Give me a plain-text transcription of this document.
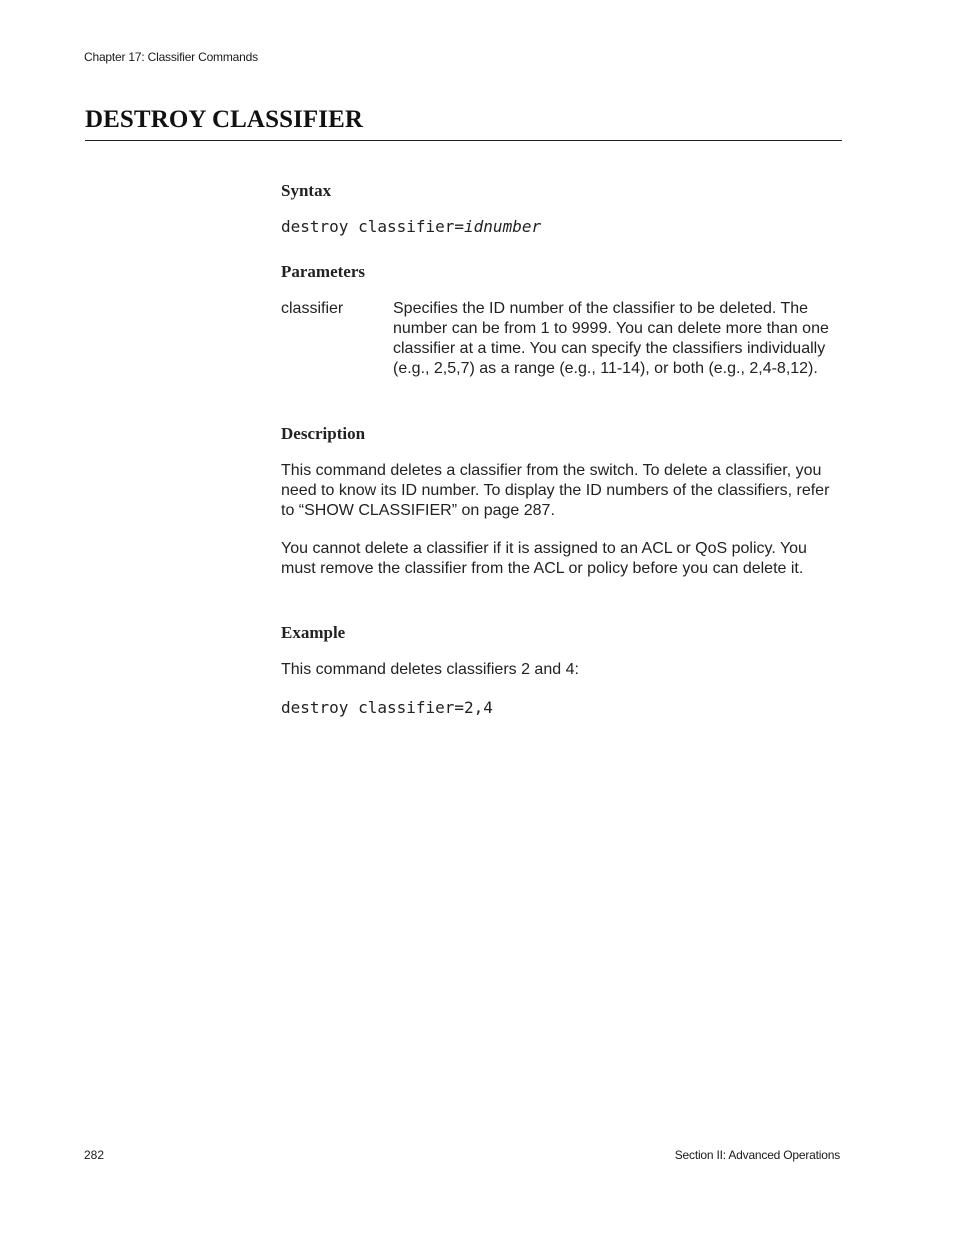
Chapter 17: Classifier Commands
DESTROY CLASSIFIER
Syntax
destroy classifier=idnumber
Parameters
classifier	Specifies the ID number of the classifier to be deleted. The number can be from 1 to 9999. You can delete more than one classifier at a time. You can specify the classifiers individually (e.g., 2,5,7) as a range (e.g., 11-14), or both (e.g., 2,4-8,12).

Description

This command deletes a classifier from the switch. To delete a classifier, you need to know its ID number. To display the ID numbers of the classifiers, refer to “SHOW CLASSIFIER” on page 287.

You cannot delete a classifier if it is assigned to an ACL or QoS policy. You must remove the classifier from the ACL or policy before you can delete it.

Example

This command deletes classifiers 2 and 4:

destroy classifier=2,4
282	Section II: Advanced Operations
